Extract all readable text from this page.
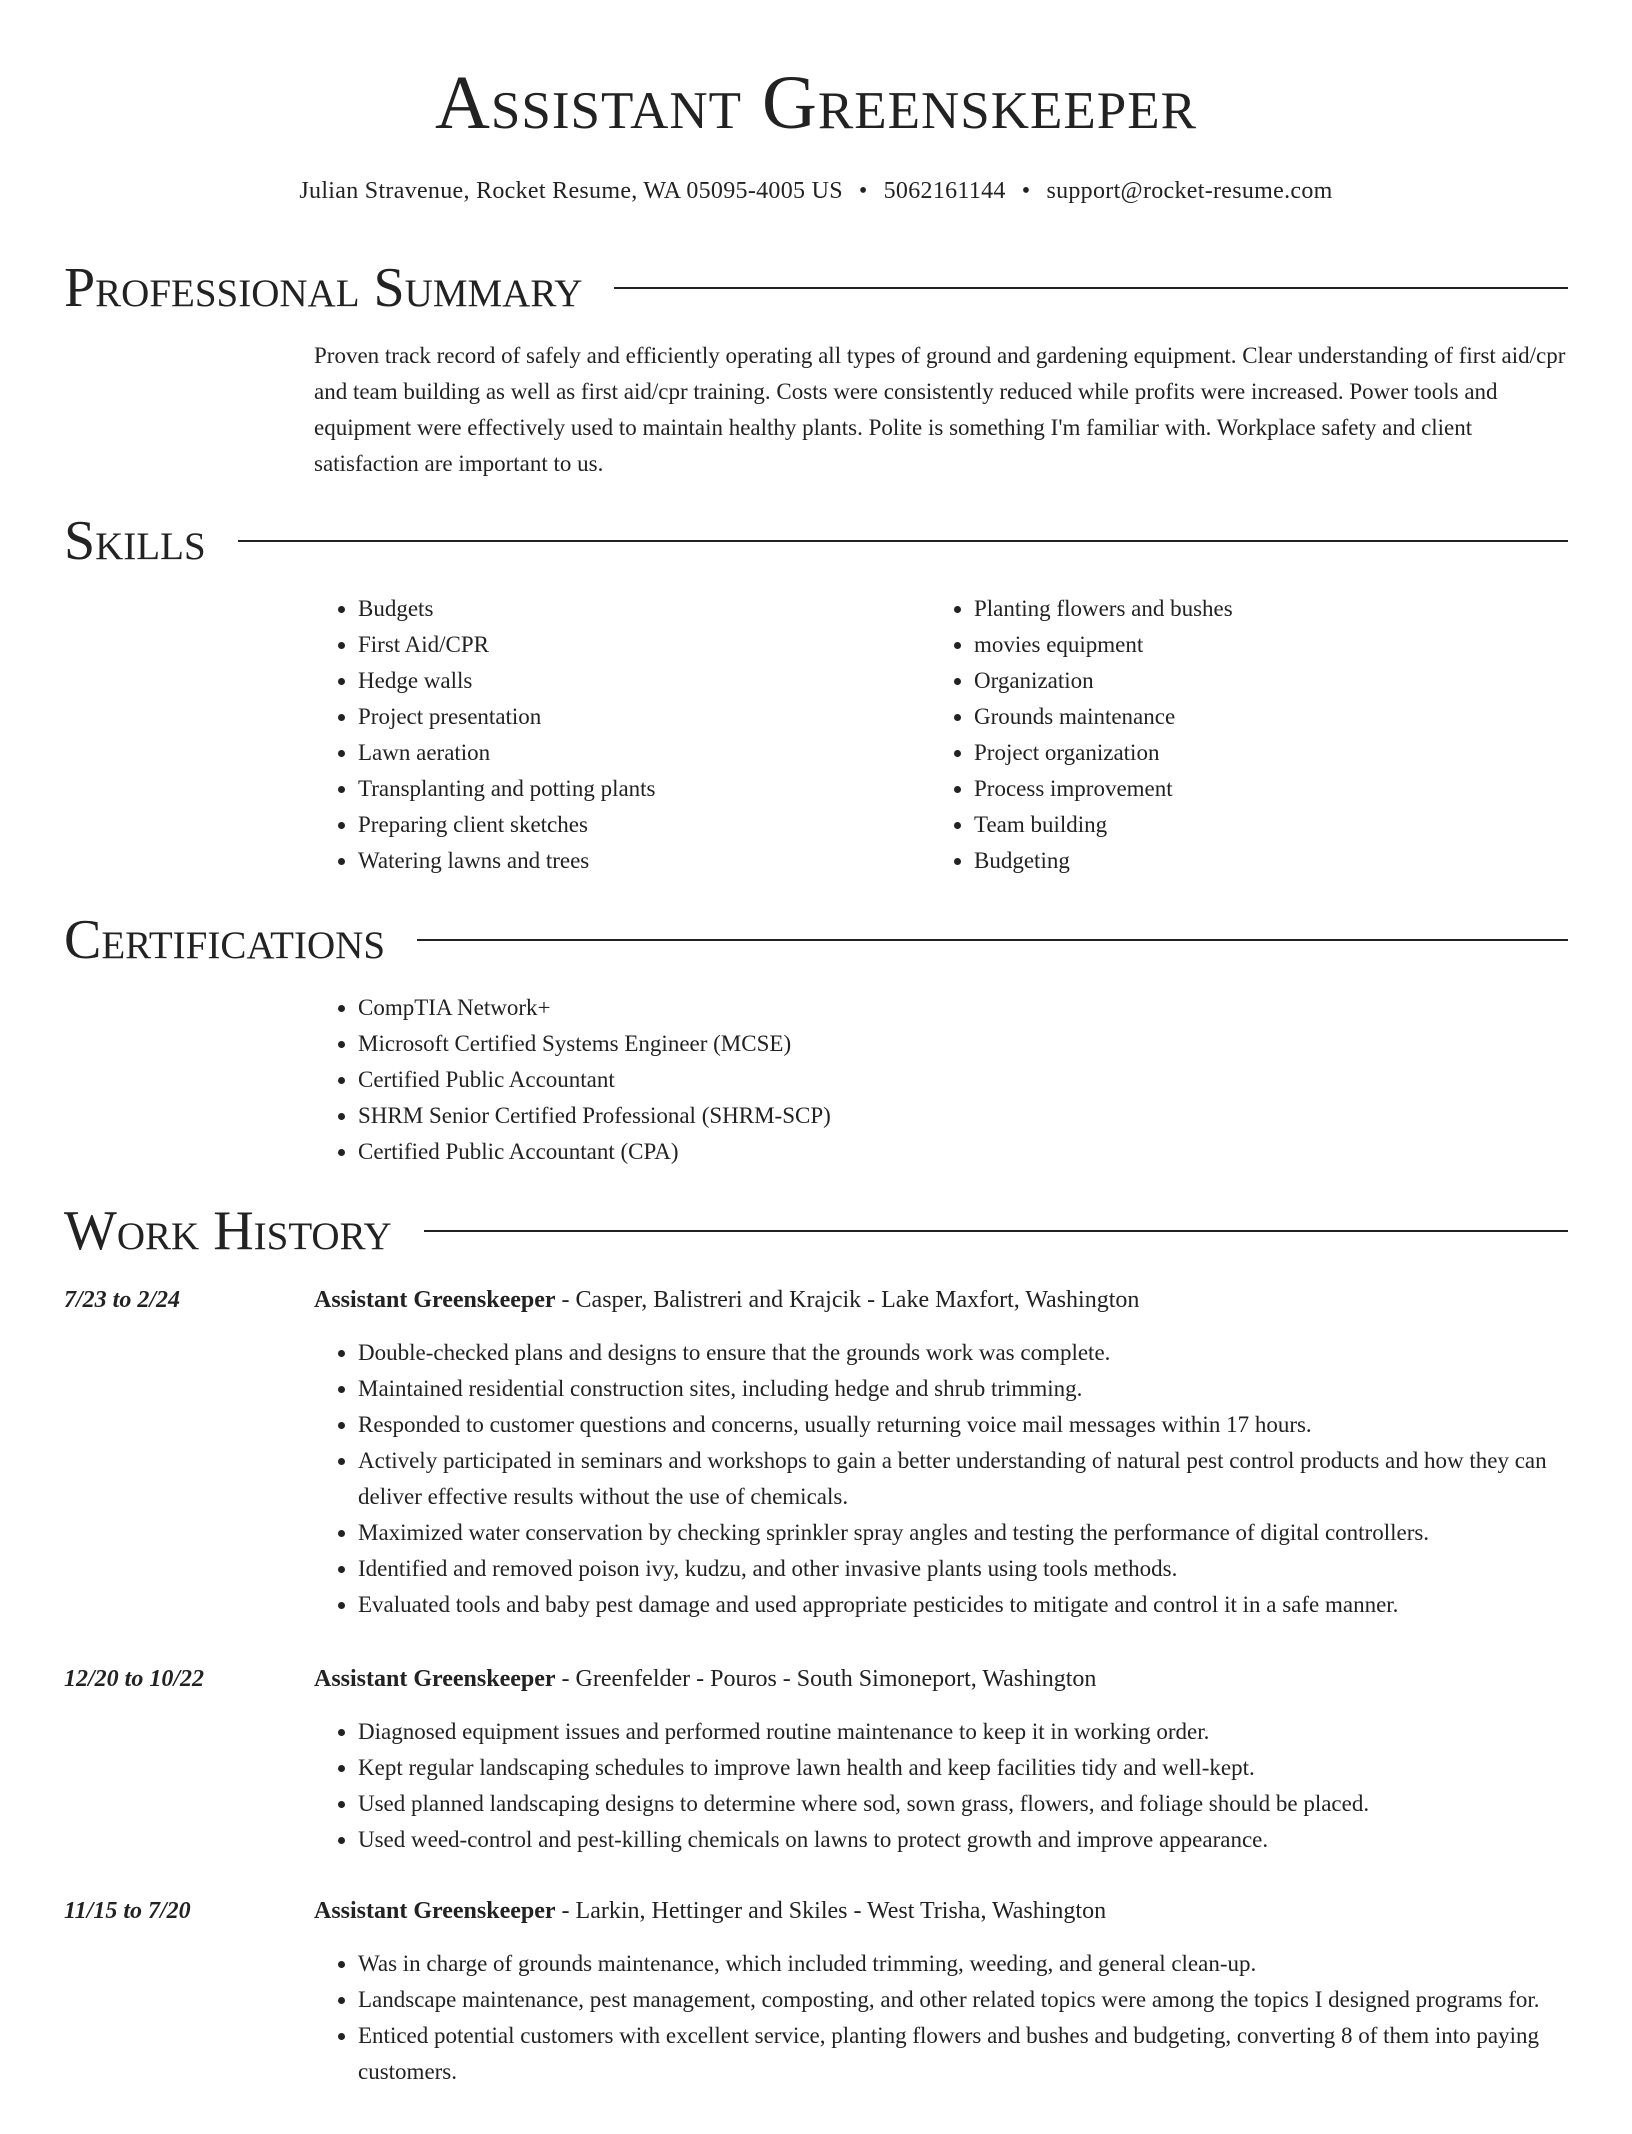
Assistant Greenskeeper
Julian Stravenue, Rocket Resume, WA 05095-4005 US • 5062161144 • support@rocket-resume.com
Professional Summary

Proven track record of safely and efficiently operating all types of ground and gardening equipment. Clear understanding of first aid/cpr and team building as well as first aid/cpr training. Costs were consistently reduced while profits were increased. Power tools and equipment were effectively used to maintain healthy plants. Polite is something I'm familiar with. Workplace safety and client satisfaction are important to us.

Skills
• Budgets
• First Aid/CPR
• Hedge walls
• Project presentation
• Lawn aeration
• Transplanting and potting plants
• Preparing client sketches
• Watering lawns and trees
• Planting flowers and bushes
• movies equipment
• Organization
• Grounds maintenance
• Project organization
• Process improvement
• Team building
• Budgeting
Certifications
• CompTIA Network+
• Microsoft Certified Systems Engineer (MCSE)
• Certified Public Accountant
• SHRM Senior Certified Professional (SHRM-SCP)
• Certified Public Accountant (CPA)
Work History
7/23 to 2/24	Assistant Greenskeeper - Casper, Balistreri and Krajcik - Lake Maxfort, Washington
• Double-checked plans and designs to ensure that the grounds work was complete.
• Maintained residential construction sites, including hedge and shrub trimming.
• Responded to customer questions and concerns, usually returning voice mail messages within 17 hours.
• Actively participated in seminars and workshops to gain a better understanding of natural pest control products and how they can deliver effective results without the use of chemicals.
• Maximized water conservation by checking sprinkler spray angles and testing the performance of digital controllers.
• Identified and removed poison ivy, kudzu, and other invasive plants using tools methods.
• Evaluated tools and baby pest damage and used appropriate pesticides to mitigate and control it in a safe manner.
12/20 to 10/22	Assistant Greenskeeper - Greenfelder - Pouros - South Simoneport, Washington
• Diagnosed equipment issues and performed routine maintenance to keep it in working order.
• Kept regular landscaping schedules to improve lawn health and keep facilities tidy and well-kept.
• Used planned landscaping designs to determine where sod, sown grass, flowers, and foliage should be placed.
• Used weed-control and pest-killing chemicals on lawns to protect growth and improve appearance.
11/15 to 7/20	Assistant Greenskeeper - Larkin, Hettinger and Skiles - West Trisha, Washington
• Was in charge of grounds maintenance, which included trimming, weeding, and general clean-up.
• Landscape maintenance, pest management, composting, and other related topics were among the topics I designed programs for.
• Enticed potential customers with excellent service, planting flowers and bushes and budgeting, converting 8 of them into paying customers.
